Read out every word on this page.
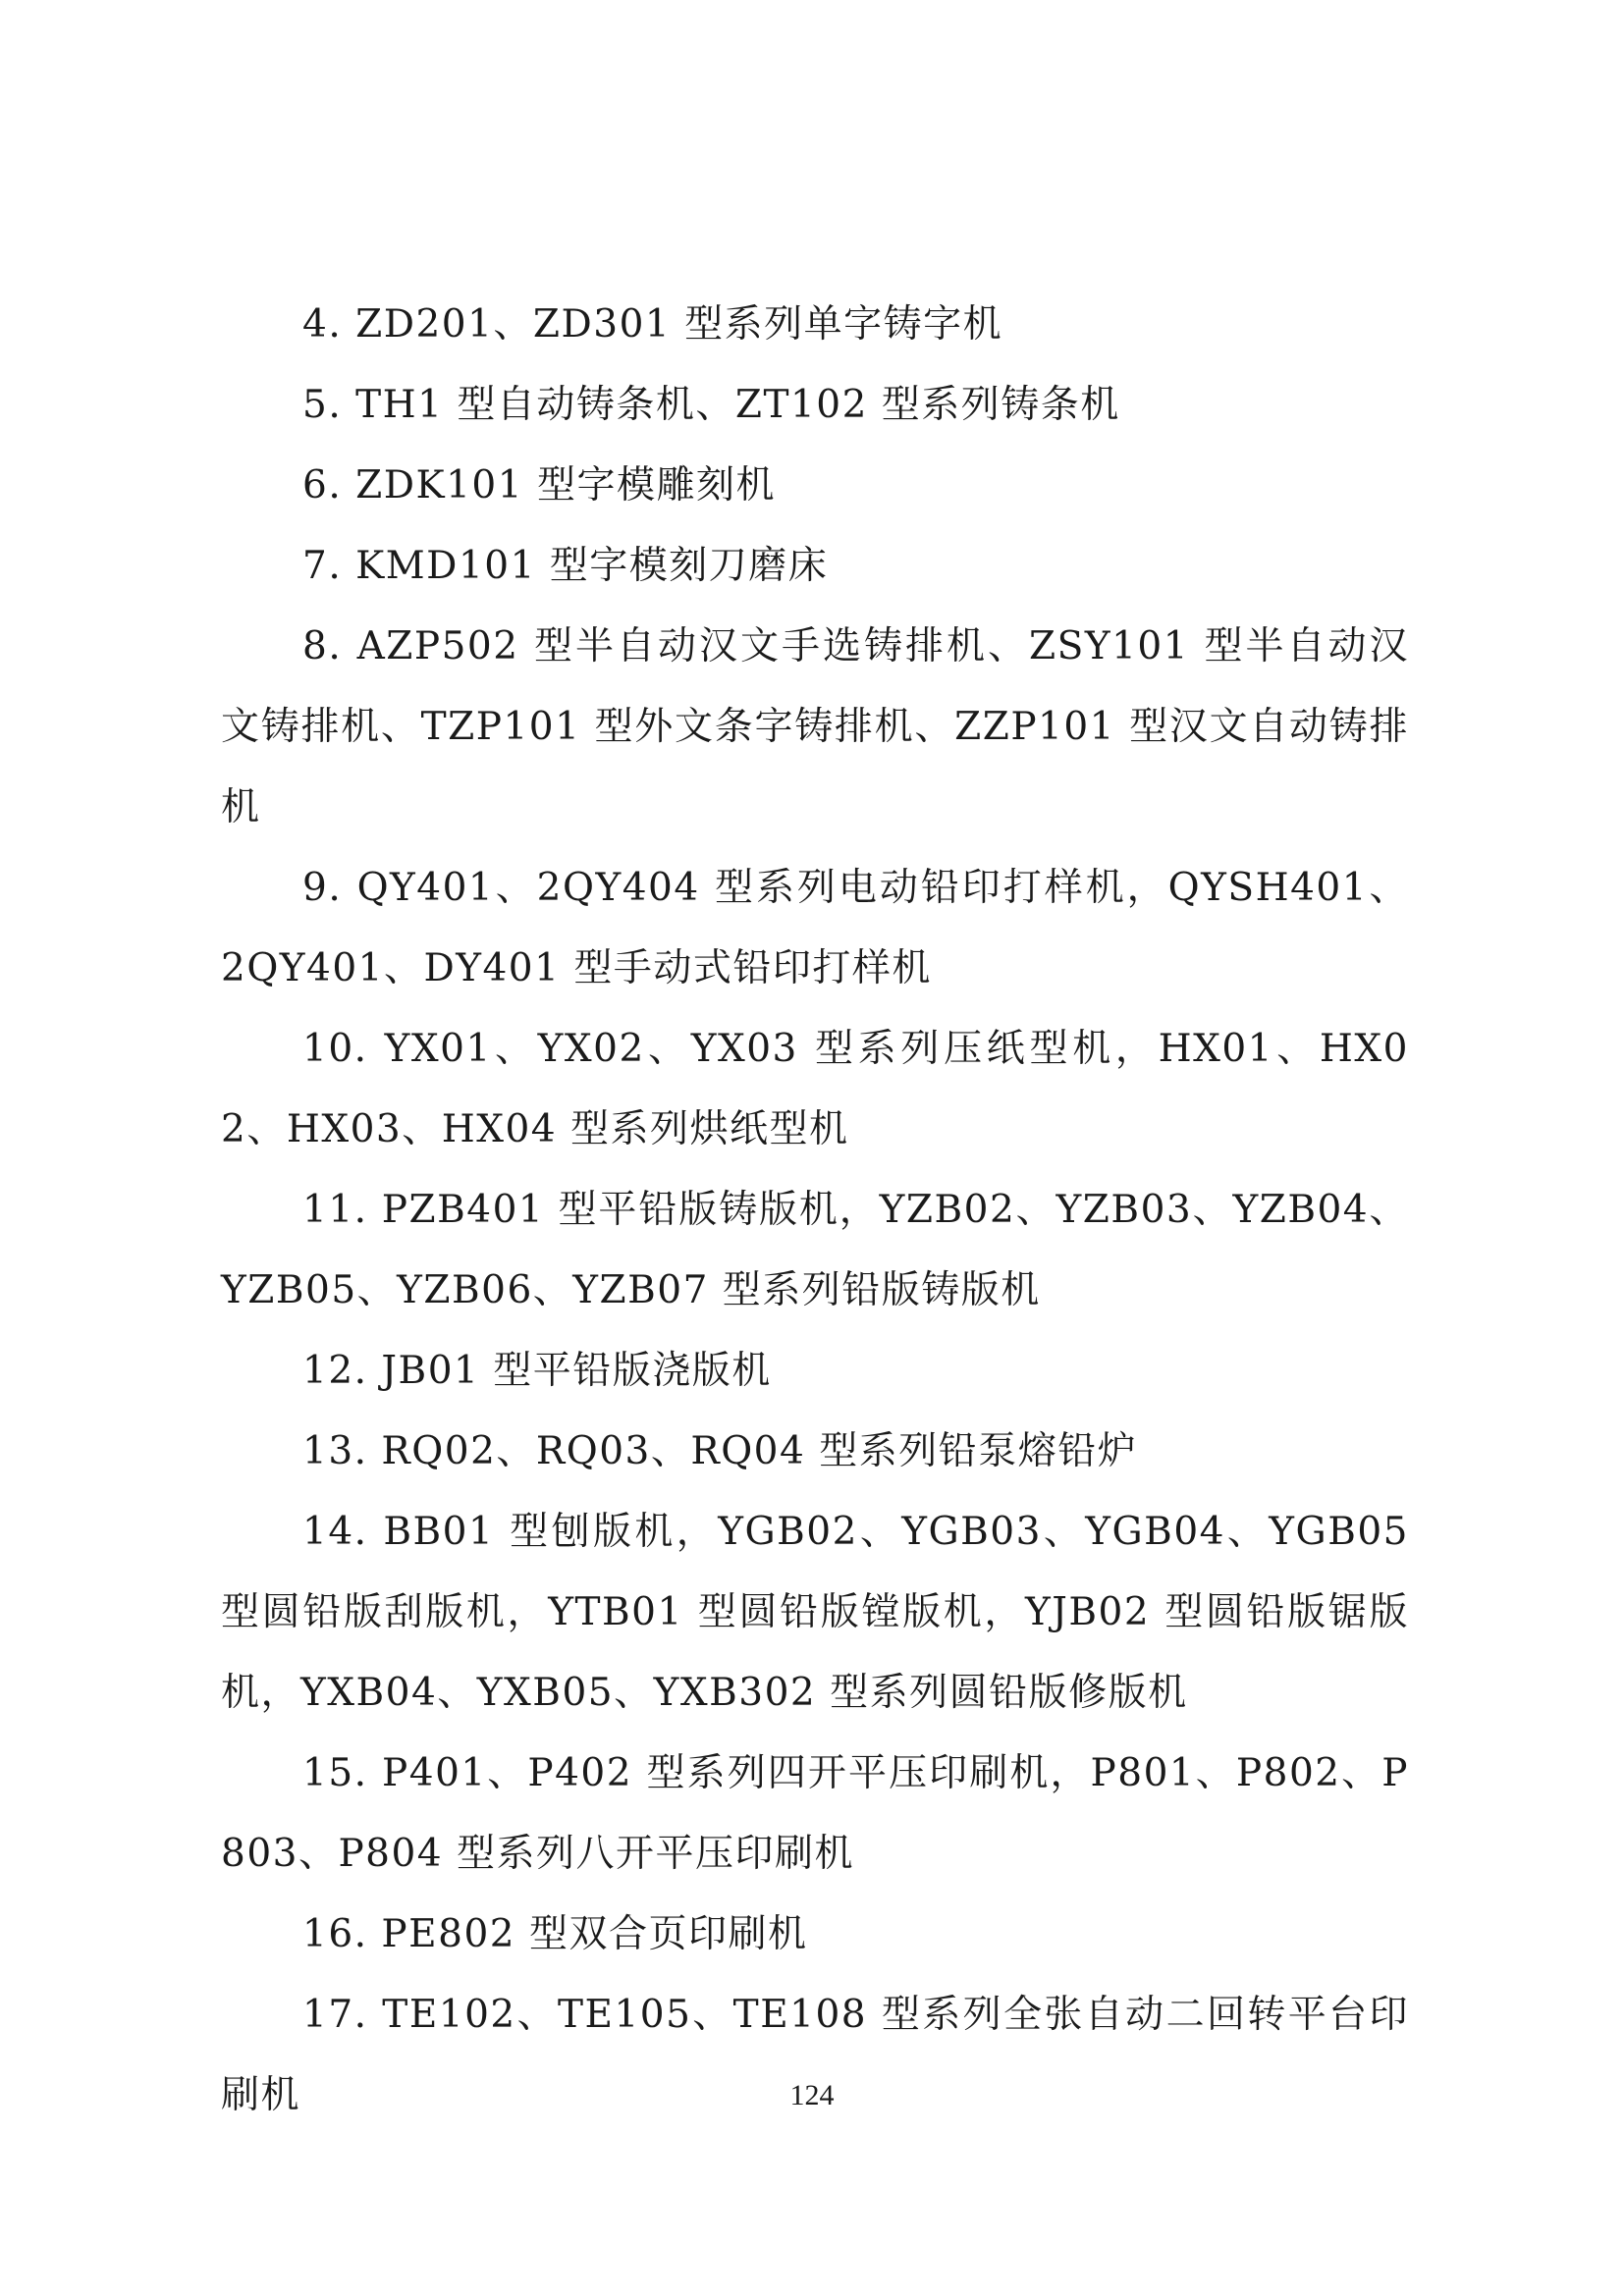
4. ZD201、ZD301 型系列单字铸字机

5. TH1 型自动铸条机、ZT102 型系列铸条机

6. ZDK101 型字模雕刻机

7. KMD101 型字模刻刀磨床

8. AZP502 型半自动汉文手选铸排机、ZSY101 型半自动汉文铸排机、TZP101 型外文条字铸排机、ZZP101 型汉文自动铸排机

9. QY401、2QY404 型系列电动铅印打样机，QYSH401、2QY401、DY401 型手动式铅印打样机

10. YX01、YX02、YX03 型系列压纸型机，HX01、HX02、HX03、HX04 型系列烘纸型机

11. PZB401 型平铅版铸版机，YZB02、YZB03、YZB04、YZB05、YZB06、YZB07 型系列铅版铸版机

12. JB01 型平铅版浇版机

13. RQ02、RQ03、RQ04 型系列铅泵熔铅炉

14. BB01 型刨版机，YGB02、YGB03、YGB04、YGB05 型圆铅版刮版机，YTB01 型圆铅版镗版机，YJB02 型圆铅版锯版机，YXB04、YXB05、YXB302 型系列圆铅版修版机

15. P401、P402 型系列四开平压印刷机，P801、P802、P803、P804 型系列八开平压印刷机

16. PE802 型双合页印刷机

17. TE102、TE105、TE108 型系列全张自动二回转平台印刷机	124
